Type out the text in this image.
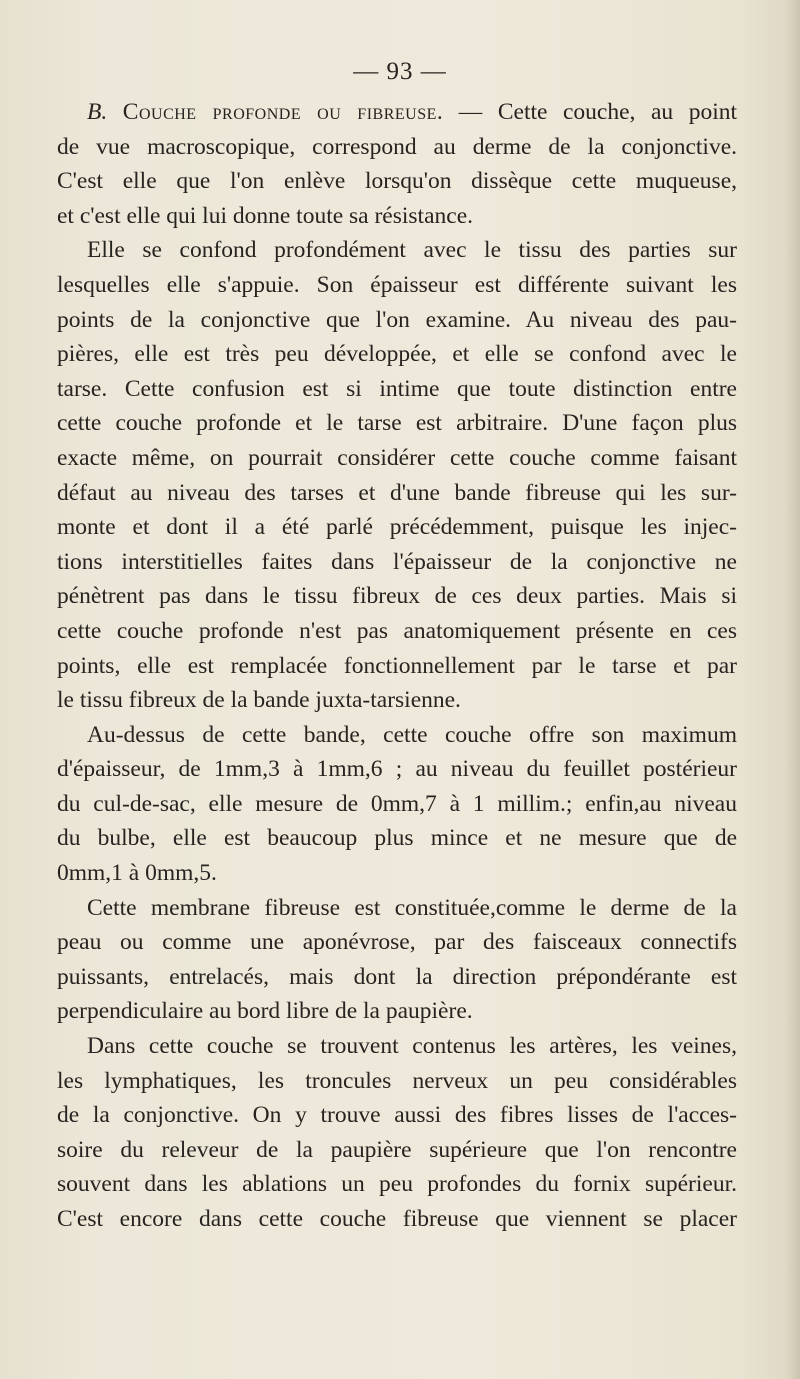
— 93 —
B. Couche profonde ou fibreuse. — Cette couche, au point
de vue macroscopique, correspond au derme de la conjonctive.
C'est elle que l'on enlève lorsqu'on dissèque cette muqueuse,
et c'est elle qui lui donne toute sa résistance.
Elle se confond profondément avec le tissu des parties sur
lesquelles elle s'appuie. Son épaisseur est différente suivant les
points de la conjonctive que l'on examine. Au niveau des pau-
pières, elle est très peu développée, et elle se confond avec le
tarse. Cette confusion est si intime que toute distinction entre
cette couche profonde et le tarse est arbitraire. D'une façon plus
exacte même, on pourrait considérer cette couche comme faisant
défaut au niveau des tarses et d'une bande fibreuse qui les sur-
monte et dont il a été parlé précédemment, puisque les injec-
tions interstitielles faites dans l'épaisseur de la conjonctive ne
pénètrent pas dans le tissu fibreux de ces deux parties. Mais si
cette couche profonde n'est pas anatomiquement présente en ces
points, elle est remplacée fonctionnellement par le tarse et par
le tissu fibreux de la bande juxta-tarsienne.
Au-dessus de cette bande, cette couche offre son maximum
d'épaisseur, de 1mm,3 à 1mm,6 ; au niveau du feuillet postérieur
du cul-de-sac, elle mesure de 0mm,7 à 1 millim.; enfin,au niveau
du bulbe, elle est beaucoup plus mince et ne mesure que de
0mm,1 à 0mm,5.
Cette membrane fibreuse est constituée,comme le derme de la
peau ou comme une aponévrose, par des faisceaux connectifs
puissants, entrelacés, mais dont la direction prépondérante est
perpendiculaire au bord libre de la paupière.
Dans cette couche se trouvent contenus les artères, les veines,
les lymphatiques, les troncules nerveux un peu considérables
de la conjonctive. On y trouve aussi des fibres lisses de l'acces-
soire du releveur de la paupière supérieure que l'on rencontre
souvent dans les ablations un peu profondes du fornix supérieur.
C'est encore dans cette couche fibreuse que viennent se placer
